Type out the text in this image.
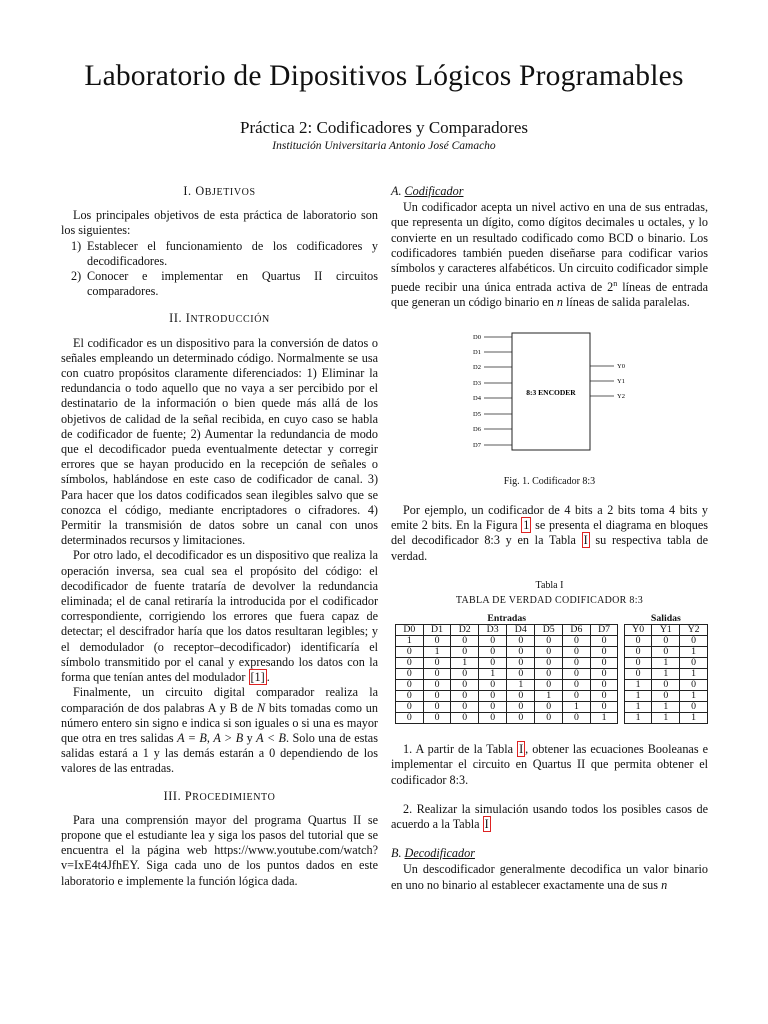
Laboratorio de Dipositivos Lógicos Programables
Práctica 2: Codificadores y Comparadores
Institución Universitaria Antonio José Camacho
I. OBJETIVOS

Los principales objetivos de esta práctica de laboratorio son los siguientes:

1) Establecer el funcionamiento de los codificadores y decodificadores.
2) Conocer e implementar en Quartus II circuitos comparadores.
II. INTRODUCCIÓN

El codificador es un dispositivo para la conversión de datos o señales empleando un determinado código. Normalmente se usa con cuatro propósitos claramente diferenciados: 1) Eliminar la redundancia o todo aquello que no vaya a ser percibido por el destinatario de la información o bien quede más allá de los objetivos de calidad de la señal recibida, en cuyo caso se habla de codificador de fuente; 2) Aumentar la redundancia de modo que el decodificador pueda eventualmente detectar y corregir errores que se hayan producido en la recepción de señales o símbolos, hablándose en este caso de codificador de canal. 3) Para hacer que los datos codificados sean ilegibles salvo que se conozca el código, mediante encriptadores o cifradores. 4) Permitir la transmisión de datos sobre un canal con unos determinados recursos y limitaciones.

Por otro lado, el decodificador es un dispositivo que realiza la operación inversa, sea cual sea el propósito del código: el decodificador de fuente trataría de devolver la redundancia eliminada; el de canal retiraría la introducida por el codificador correspondiente, corrigiendo los errores que fuera capaz de detectar; el descifrador haría que los datos resultaran legibles; y el demodulador (o receptor–decodificador) identificaría el símbolo transmitido por el canal y expresando los datos con la forma que tenían antes del modulador [1] .

Finalmente, un circuito digital comparador realiza la comparación de dos palabras A y B de N bits tomadas como un número entero sin signo e indica si son iguales o si una es mayor que otra en tres salidas A = B, A > B y A < B. Solo una de estas salidas estará a 1 y las demás estarán a 0 dependiendo de los valores de las entradas.

III. PROCEDIMIENTO

Para una comprensión mayor del programa Quartus II se propone que el estudiante lea y siga los pasos del tutorial que se encuentra el la página web https://www.youtube.com/watch?v=IxE4t4JfhEY. Siga cada uno de los puntos dados en este laboratorio e implemente la función lógica dada.

A. Codificador

Un codificador acepta un nivel activo en una de sus entradas, que representa un dígito, como dígitos decimales u octales, y lo convierte en un resultado codificado como BCD o binario. Los codificadores también pueden diseñarse para codificar varios símbolos y caracteres alfabéticos. Un circuito codificador simple puede recibir una única entrada activa de 2$^n$ líneas de entrada que generan un código binario en n líneas de salida paralelas.

8:3 ENCODER
D0
D1
D2
D3
D4
D5
D6
D7
Y0
Y1
Y2
Fig. 1. Codificador 8:3

Por ejemplo, un codificador de 4 bits a 2 bits toma 4 bits y emite 2 bits. En la Figura 1 se presenta el diagrama en bloques del decodificador 8:3 y en la Tabla I su respectiva tabla de verdad.

Tabla I
TABLA DE VERDAD CODIFICADOR 8:3
			Entradas						Salidas		
D0	D1	D2	D3	D4	D5	D6	D7		Y0	Y1	Y2
1	0	0	0	0	0	0	0		0	0	0
0	1	0	0	0	0	0	0		0	0	1
0	0	1	0	0	0	0	0		0	1	0
0	0	0	1	0	0	0	0		0	1	1
0	0	0	0	1	0	0	0		1	0	0
0	0	0	0	0	1	0	0		1	0	1
0	0	0	0	0	0	1	0		1	1	0
0	0	0	0	0	0	0	1		1	1	1

1. A partir de la Tabla I , obtener las ecuaciones Booleanas e implementar el circuito en Quartus II que permita obtener el codificador 8:3.

2. Realizar la simulación usando todos los posibles casos de acuerdo a la Tabla I

B. Decodificador

Un descodificador generalmente decodifica un valor binario en uno no binario al establecer exactamente una de sus n
